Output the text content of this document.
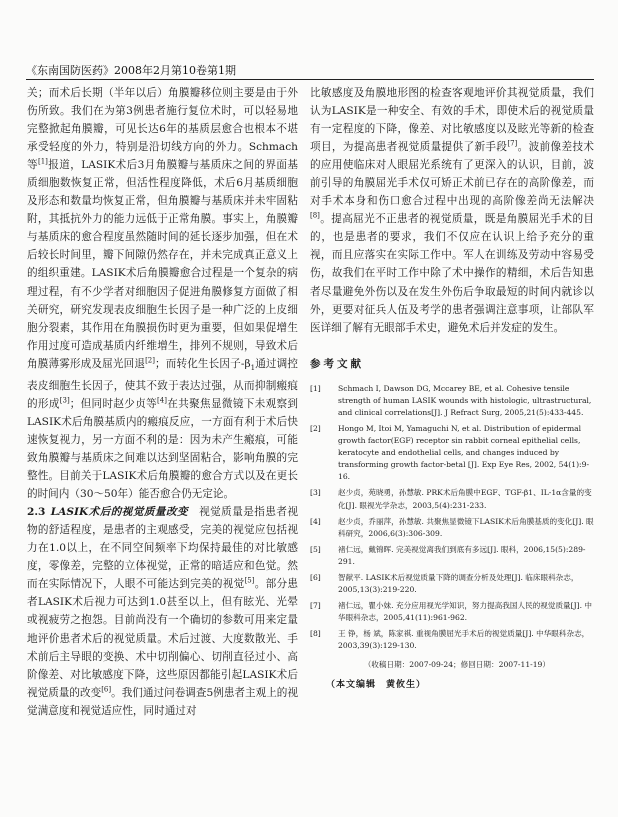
《东南国防医药》2008年2月第10卷第1期

关；而术后长期（半年以后）角膜瓣移位则主要是由于外伤所致。我们在为第3例患者施行复位术时，可以轻易地完整掀起角膜瓣，可见长达6年的基质层愈合也根本不堪承受轻度的外力，特别是沿切线方向的外力。Schmach等[1]报道，LASIK术后3月角膜瓣与基质床之间的界面基质细胞数恢复正常，但活性程度降低，术后6月基质细胞及形态和数量均恢复正常，但角膜瓣与基质床并未牢固粘附，其抵抗外力的能力远低于正常角膜。事实上，角膜瓣与基质床的愈合程度虽然随时间的延长逐步加强，但在术后较长时间里，瓣下间隙仍然存在，并未完成真正意义上的组织重建。LASIK术后角膜瓣愈合过程是一个复杂的病理过程，有不少学者对细胞因子促进角膜修复方面做了相关研究，研究发现表皮细胞生长因子是一种广泛的上皮细胞分裂素，其作用在角膜损伤时更为重要，但如果促增生作用过度可造成基质内纤维增生，排列不规则，导致术后角膜薄雾形成及屈光回退[2]；而转化生长因子$-\beta_1$通过调控表皮细胞生长因子，使其不致于表达过强，从而抑制瘢痕的形成[3]；但同时赵少贞等[4]在共聚焦显微镜下未观察到LASIK术后角膜基质内的瘢痕反应，一方面有利于术后快速恢复视力，另一方面不利的是：因为未产生瘢痕，可能致角膜瓣与基质床之间难以达到坚固粘合，影响角膜的完整性。目前关于LASIK术后角膜瓣的愈合方式以及在更长的时间内（30～50年）能否愈合仍无定论。

2.3  LASIK术后的视觉质量改变  视觉质量是指患者视物的舒适程度，是患者的主观感受，完美的视觉应包括视力在1.0以上，在不同空间频率下均保持最佳的对比敏感度，零像差，完整的立体视觉，正常的暗适应和色觉。然而在实际情况下，人眼不可能达到完美的视觉[5]。部分患者LASIK术后视力可达到1.0甚至以上，但有眩光、光晕或视疲劳之抱怨。目前尚没有一个确切的参数可用来定量地评价患者术后的视觉质量。术后过渡、大度数散光、手术前后主导眼的变换、术中切削偏心、切削直径过小、高阶像差、对比敏感度下降，这些原因都能引起LASIK术后视觉质量的改变[6]。我们通过问卷调查5例患者主观上的视觉满意度和视觉适应性，同时通过对

比敏感度及角膜地形图的检查客观地评价其视觉质量，我们认为LASIK是一种安全、有效的手术，即使术后的视觉质量有一定程度的下降，像差、对比敏感度以及眩光等新的检查项目，为提高患者视觉质量提供了新手段[7]。波前像差技术的应用使临床对人眼屈光系统有了更深入的认识，目前，波前引导的角膜屈光手术仅可矫正术前已存在的高阶像差，而对手术本身和伤口愈合过程中出现的高阶像差尚无法解决[8]。提高屈光不正患者的视觉质量，既是角膜屈光手术的目的，也是患者的要求，我们不仅应在认识上给予充分的重视，而且应落实在实际工作中。军人在训练及劳动中容易受伤，故我们在平时工作中除了术中操作的精细，术后告知患者尽量避免外伤以及在发生外伤后争取最短的时间内就诊以外，更要对征兵人伍及考学的患者强调注意事项，让部队军医详细了解有无眼部手术史，避免术后并发症的发生。

参考文献
[1]	Schmach I, Dawson DG, Mccarey BE, et al. Cohesive tensile strength of human LASIK wounds with histologic, ultrastructural, and clinical correlations[J]. J Refract Surg, 2005,21(5):433-445.
[2]	Hongo M, Itoi M, Yamaguchi N, et al. Distribution of epidermal growth factor(EGF) receptor sin rabbit corneal epithelial cells, keratocyte and endothelial cells, and changes induced by transforming growth factor-betal [J]. Exp Eye Res, 2002, 54(1):9-16.
[3]	赵少贞，苑晓勇，孙慧敏. PRK术后角膜中EGF、TGF-β1、IL-1α含量的变化[J]. 眼视光学杂志，2003,5(4):231-233.
[4]	赵少贞，乔丽萍，孙慧敏. 共聚焦显微镜下LASIK术后角膜基质的变化[J]. 眼科研究，2006,6(3):306-309.
[5]	褚仁远，戴锦晖. 完美视觉离我们到底有多远[J]. 眼科，2006,15(5):289-291.
[6]	智献平. LASIK术后视觉质量下降的调查分析及处理[J]. 临床眼科杂志，2005,13(3):219-220.
[7]	褚仁远，瞿小妹. 充分应用视光学知识，努力提高我国人民的视觉质量[J]. 中华眼科杂志，2005,41(11):961-962.
[8]	王 铮，杨 斌，陈家祺. 重视角膜屈光手术后的视觉质量[J]. 中华眼科杂志，2003,39(3):129-130.
（收稿日期：2007-09-24；修回日期：2007-11-19）
（本文编辑　黄攸生）
